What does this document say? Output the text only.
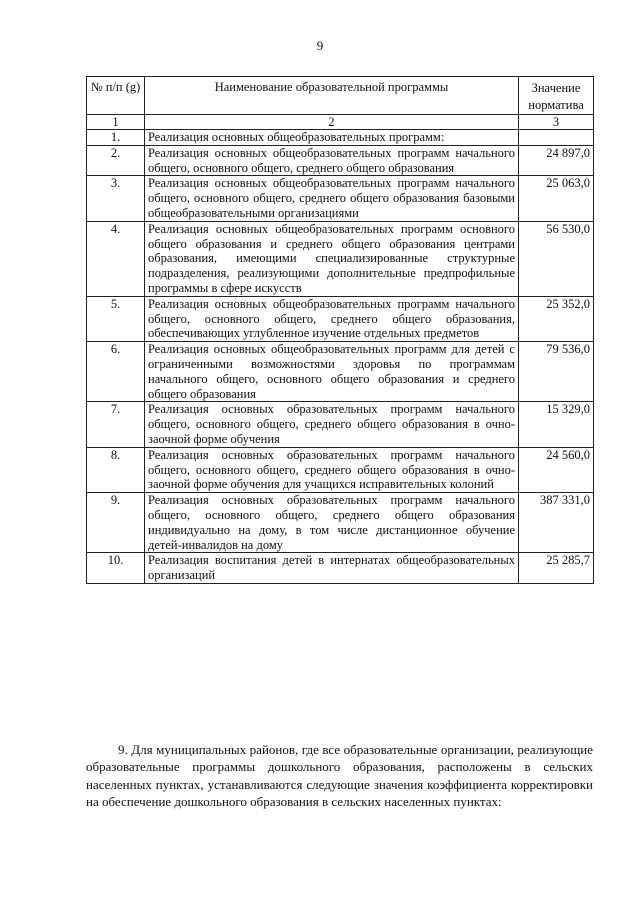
9
№ п/п (g)	Наименование образовательной программы	Значение норматива
1	2	3
1.	Реализация основных общеобразовательных программ:	
2.	Реализация основных общеобразовательных программ начального общего, основного общего, среднего общего образования	24 897,0
3.	Реализация основных общеобразовательных программ начального общего, основного общего, среднего общего образования базовыми общеобразовательными организациями	25 063,0
4.	Реализация основных общеобразовательных программ основного общего образования и среднего общего образования центрами образования, имеющими специализированные структурные подразделения, реализующими дополнительные предпрофильные программы в сфере искусств	56 530,0
5.	Реализация основных общеобразовательных программ начального общего, основного общего, среднего общего образования, обеспечивающих углубленное изучение отдельных предметов	25 352,0
6.	Реализация основных общеобразовательных программ для детей с ограниченными возможностями здоровья по программам начального общего, основного общего образования и среднего общего образования	79 536,0
7.	Реализация основных образовательных программ начального общего, основного общего, среднего общего образования в очно-заочной форме обучения	15 329,0
8.	Реализация основных образовательных программ начального общего, основного общего, среднего общего образования в очно-заочной форме обучения для учащихся исправительных колоний	24 560,0
9.	Реализация основных образовательных программ начального общего, основного общего, среднего общего образования индивидуально на дому, в том числе дистанционное обучение детей-инвалидов на дому	387 331,0
10.	Реализация воспитания детей в интернатах общеобразовательных организаций	25 285,7

9. Для муниципальных районов, где все образовательные организации, реализующие образовательные программы дошкольного образования, расположены в сельских населенных пунктах, устанавливаются следующие значения коэффициента корректировки на обеспечение дошкольного образования в сельских населенных пунктах:
